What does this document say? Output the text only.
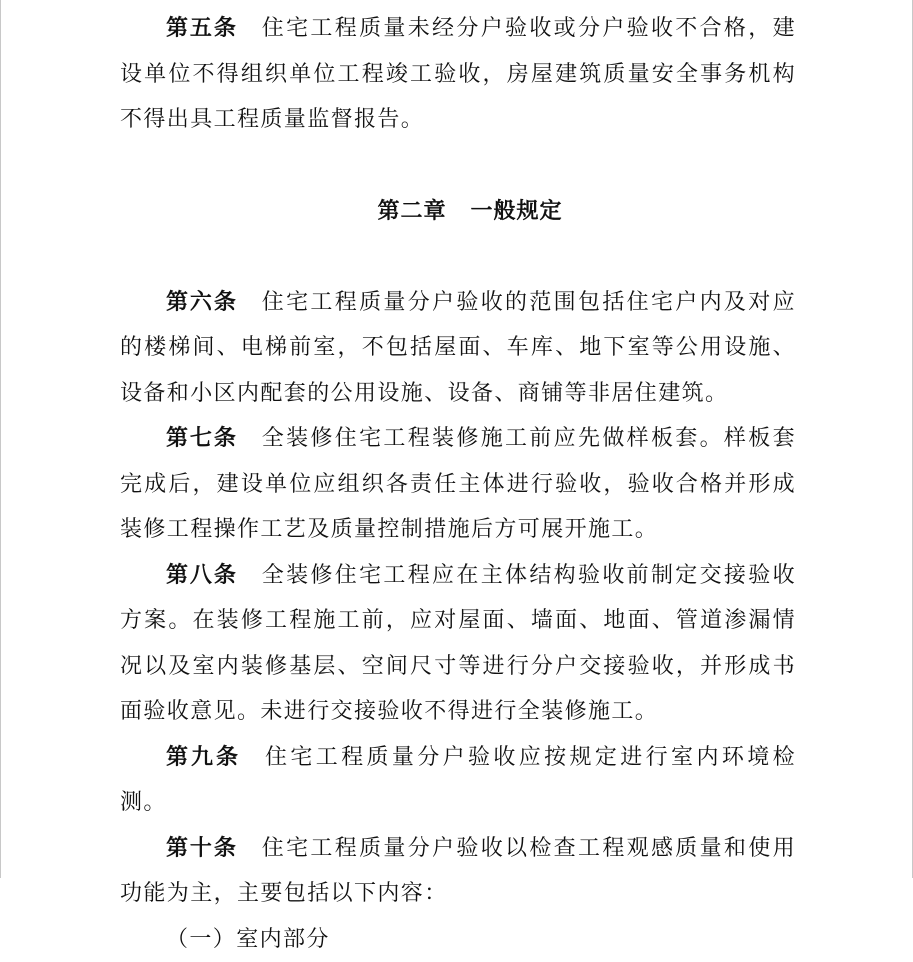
第五条 住宅工程质量未经分户验收或分户验收不合格，建设单位不得组织单位工程竣工验收，房屋建筑质量安全事务机构不得出具工程质量监督报告。

第二章 一般规定

第六条 住宅工程质量分户验收的范围包括住宅户内及对应的楼梯间、电梯前室，不包括屋面、车库、地下室等公用设施、设备和小区内配套的公用设施、设备、商铺等非居住建筑。

第七条 全装修住宅工程装修施工前应先做样板套。样板套完成后，建设单位应组织各责任主体进行验收，验收合格并形成装修工程操作工艺及质量控制措施后方可展开施工。

第八条 全装修住宅工程应在主体结构验收前制定交接验收方案。在装修工程施工前，应对屋面、墙面、地面、管道渗漏情况以及室内装修基层、空间尺寸等进行分户交接验收，并形成书面验收意见。未进行交接验收不得进行全装修施工。

第九条 住宅工程质量分户验收应按规定进行室内环境检测。

第十条 住宅工程质量分户验收以检查工程观感质量和使用功能为主，主要包括以下内容：

（一）室内部分
